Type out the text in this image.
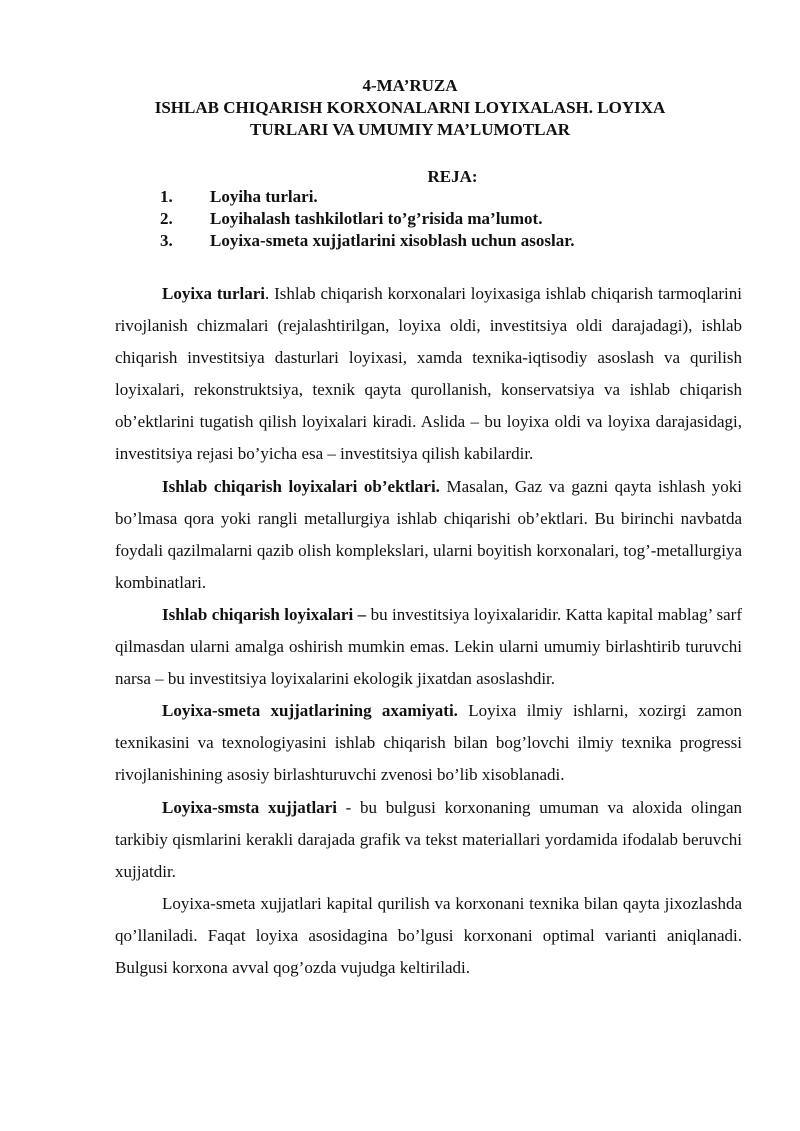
4-MA’RUZA
ISHLAB CHIQARISH KORXONALARNI LOYIXALASH. LOYIXA
TURLARI VA UMUMIY MA’LUMOTLAR
REJA:
1.	Loyiha turlari.
2.	Loyihalash tashkilotlari to’g’risida ma’lumot.
3.	Loyixa-smeta xujjatlarini xisoblash uchun asoslar.

Loyixa turlari. Ishlab chiqarish korxonalari loyixasiga ishlab chiqarish tarmoqlarini rivojlanish chizmalari (rejalashtirilgan, loyixa oldi, investitsiya oldi darajadagi), ishlab chiqarish investitsiya dasturlari loyixasi, xamda texnika-iqtisodiy asoslash va qurilish loyixalari, rekonstruktsiya, texnik qayta qurollanish, konservatsiya va ishlab chiqarish ob’ektlarini tugatish qilish loyixalari kiradi. Aslida – bu loyixa oldi va loyixa darajasidagi, investitsiya rejasi bo’yicha esa – investitsiya qilish kabilardir.

Ishlab chiqarish loyixalari ob’ektlari. Masalan, Gaz va gazni qayta ishlash yoki bo’lmasa qora yoki rangli metallurgiya ishlab chiqarishi ob’ektlari. Bu birinchi navbatda foydali qazilmalarni qazib olish komplekslari, ularni boyitish korxonalari, tog’-metallurgiya kombinatlari.

Ishlab chiqarish loyixalari – bu investitsiya loyixalaridir. Katta kapital mablag’ sarf qilmasdan ularni amalga oshirish mumkin emas. Lekin ularni umumiy birlashtirib turuvchi narsa – bu investitsiya loyixalarini ekologik jixatdan asoslashdir.

Loyixa-smeta xujjatlarining axamiyati. Loyixa ilmiy ishlarni, xozirgi zamon texnikasini va texnologiyasini ishlab chiqarish bilan bog’lovchi ilmiy texnika progressi rivojlanishining asosiy birlashturuvchi zvenosi bo’lib xisoblanadi.

Loyixa-smsta xujjatlari - bu bulgusi korxonaning umuman va aloxida olingan tarkibiy qismlarini kerakli darajada grafik va tekst materiallari yordamida ifodalab beruvchi xujjatdir.

Loyixa-smeta xujjatlari kapital qurilish va korxonani texnika bilan qayta jixozlashda qo’llaniladi. Faqat loyixa asosidagina bo’lgusi korxonani optimal varianti aniqlanadi. Bulgusi korxona avval qog’ozda vujudga keltiriladi.
